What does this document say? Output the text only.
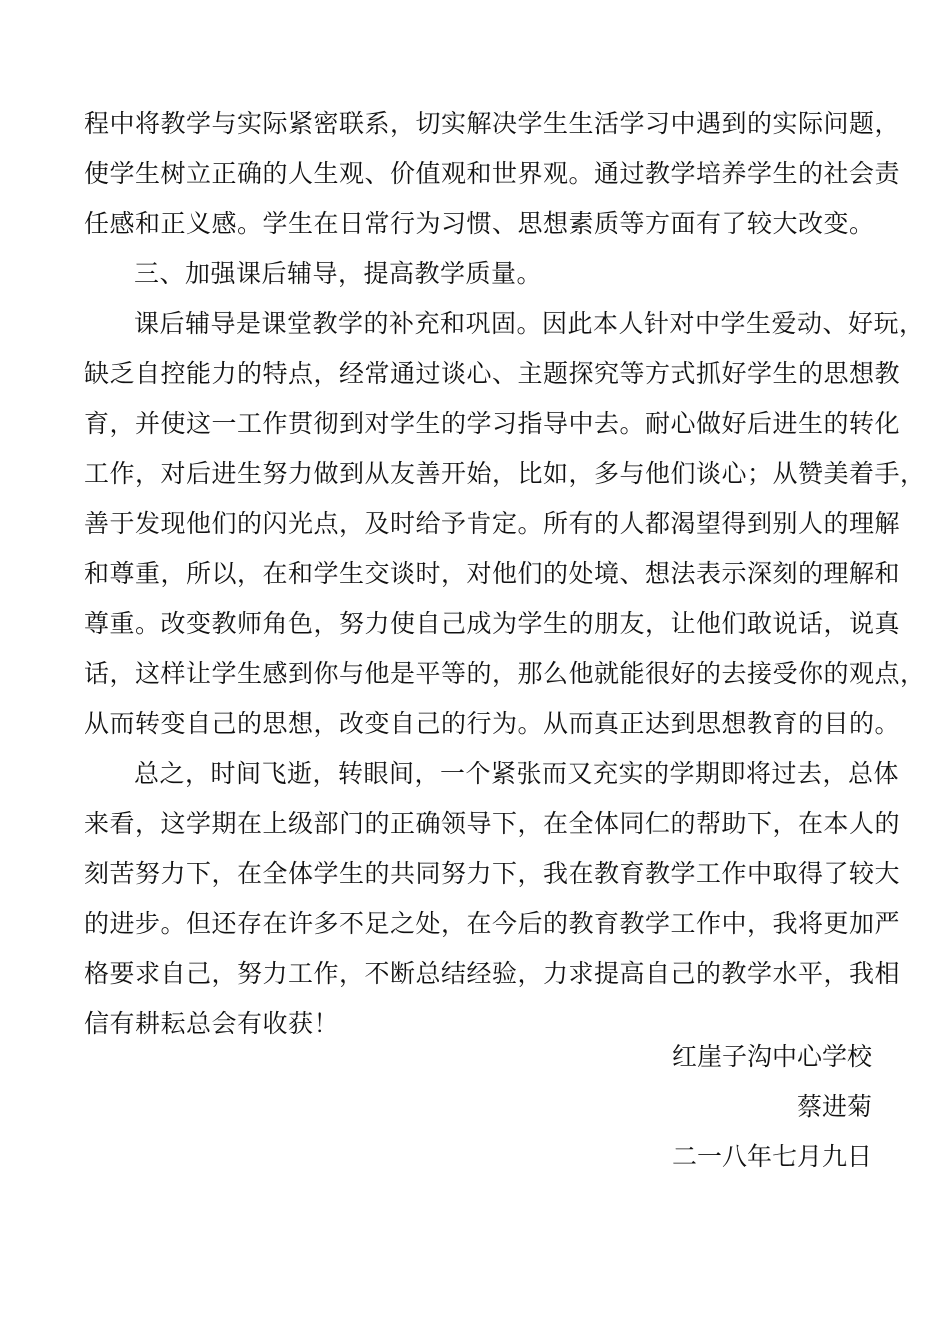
程中将教学与实际紧密联系，切实解决学生生活学习中遇到的实际问题，
使学生树立正确的人生观、价值观和世界观。通过教学培养学生的社会责
任感和正义感。学生在日常行为习惯、思想素质等方面有了较大改变。
三、加强课后辅导，提高教学质量。
课后辅导是课堂教学的补充和巩固。因此本人针对中学生爱动、好玩，
缺乏自控能力的特点，经常通过谈心、主题探究等方式抓好学生的思想教
育，并使这一工作贯彻到对学生的学习指导中去。耐心做好后进生的转化
工作，对后进生努力做到从友善开始，比如，多与他们谈心；从赞美着手，
善于发现他们的闪光点，及时给予肯定。所有的人都渴望得到别人的理解
和尊重，所以，在和学生交谈时，对他们的处境、想法表示深刻的理解和
尊重。改变教师角色，努力使自己成为学生的朋友，让他们敢说话，说真
话，这样让学生感到你与他是平等的，那么他就能很好的去接受你的观点，
从而转变自己的思想，改变自己的行为。从而真正达到思想教育的目的。
总之，时间飞逝，转眼间，一个紧张而又充实的学期即将过去，总体
来看，这学期在上级部门的正确领导下，在全体同仁的帮助下，在本人的
刻苦努力下，在全体学生的共同努力下，我在教育教学工作中取得了较大
的进步。但还存在许多不足之处，在今后的教育教学工作中，我将更加严
格要求自己，努力工作，不断总结经验，力求提高自己的教学水平，我相
信有耕耘总会有收获！
红崖子沟中心学校
蔡进菊
二一八年七月九日
